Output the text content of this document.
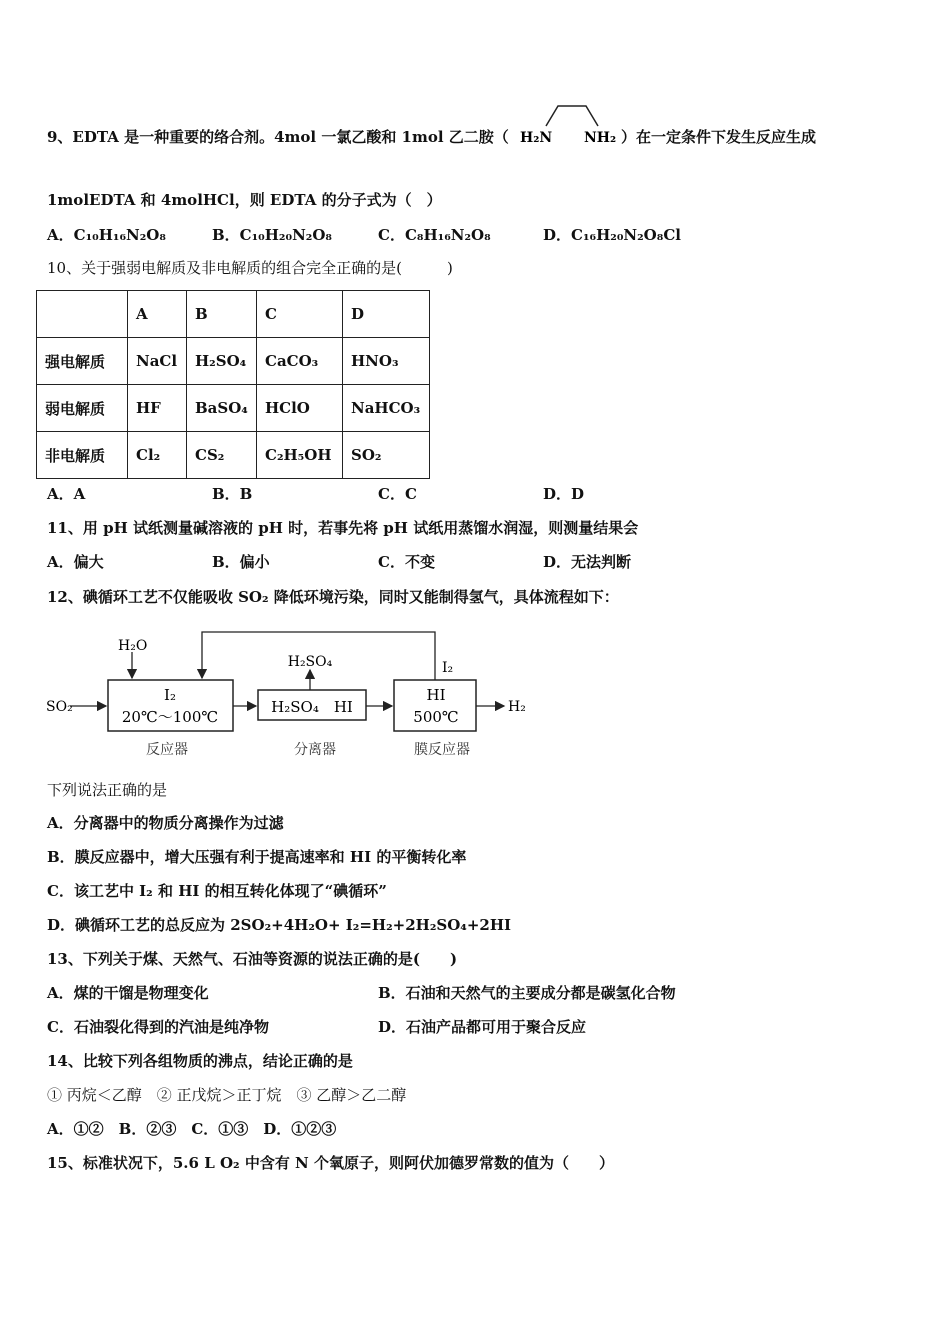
9、EDTA 是一种重要的络合剂。4mol 一氯乙酸和 1mol 乙二胺（ H₂N NH₂ ）在一定条件下发生反应生成
1molEDTA 和 4molHCl，则 EDTA 的分子式为（　）
A．C₁₀H₁₆N₂O₈	B．C₁₀H₂₀N₂O₈	C．C₈H₁₆N₂O₈	D．C₁₆H₂₀N₂O₈Cl
10、关于强弱电解质及非电解质的组合完全正确的是(　　　)
	A	B	C	D
强电解质	NaCl	H₂SO₄	CaCO₃	HNO₃
弱电解质	HF	BaSO₄	HClO	NaHCO₃
非电解质	Cl₂	CS₂	C₂H₅OH	SO₂
A．A	B．B	C．C	D．D
11、用 pH 试纸测量碱溶液的 pH 时，若事先将 pH 试纸用蒸馏水润湿，则测量结果会
A．偏大	B．偏小	C．不变	D．无法判断
12、碘循环工艺不仅能吸收 SO₂ 降低环境污染，同时又能制得氢气，具体流程如下：
H₂O
SO₂
I₂
20℃～100℃
反应器
H₂SO₄
H₂SO₄　HI
分离器
I₂
HI
500℃
膜反应器
H₂
下列说法正确的是
A．分离器中的物质分离操作为过滤
B．膜反应器中，增大压强有利于提高速率和 HI 的平衡转化率
C．该工艺中 I₂ 和 HI 的相互转化体现了“碘循环”
D．碘循环工艺的总反应为 2SO₂+4H₂O+ I₂=H₂+2H₂SO₄+2HI
13、下列关于煤、天然气、石油等资源的说法正确的是(　　)
A．煤的干馏是物理变化	B．石油和天然气的主要成分都是碳氢化合物
C．石油裂化得到的汽油是纯净物	D．石油产品都可用于聚合反应
14、比较下列各组物质的沸点，结论正确的是
① 丙烷＜乙醇　② 正戊烷＞正丁烷　③ 乙醇＞乙二醇
A．①②　B．②③　C．①③　D．①②③
15、标准状况下，5.6 L O₂ 中含有 N 个氧原子，则阿伏加德罗常数的值为（　　）
